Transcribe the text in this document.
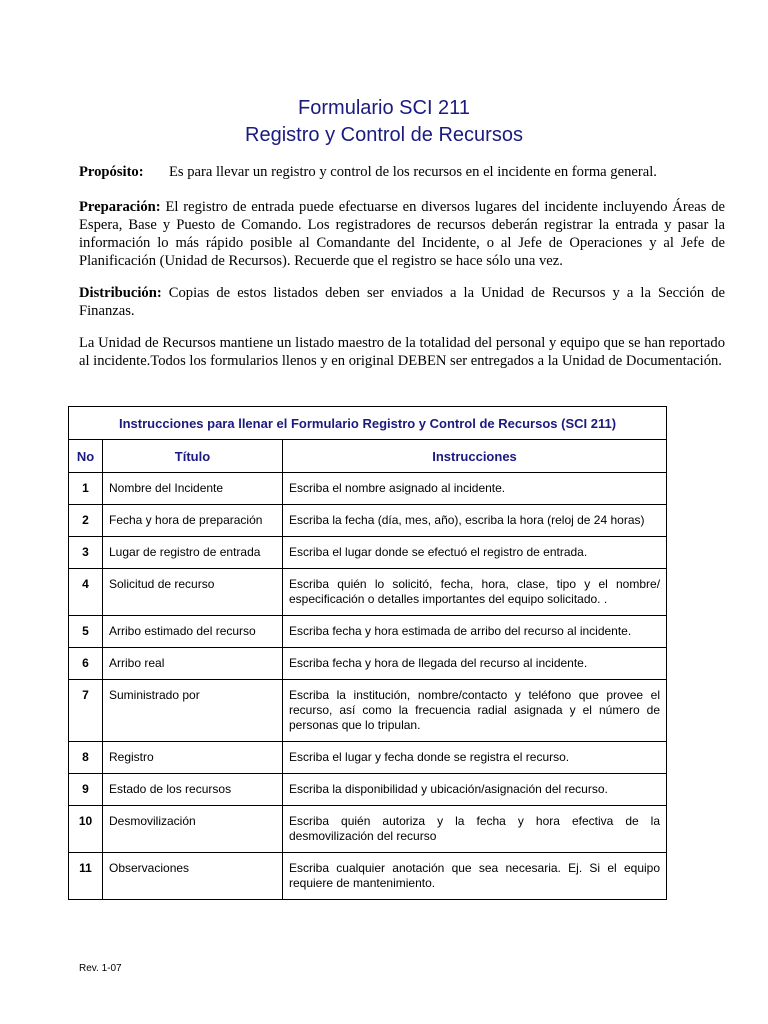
Formulario SCI 211
Registro y Control de Recursos
Propósito: Es para llevar un registro y control de los recursos en el incidente en forma general.
Preparación: El registro de entrada puede efectuarse en diversos lugares del incidente incluyendo Áreas de Espera, Base y Puesto de Comando. Los registradores de recursos deberán registrar la entrada y pasar la información lo más rápido posible al Comandante del Incidente, o al Jefe de Operaciones y al Jefe de Planificación (Unidad de Recursos). Recuerde que el registro se hace sólo una vez.
Distribución: Copias de estos listados deben ser enviados a la Unidad de Recursos y a la Sección de Finanzas.
La Unidad de Recursos mantiene un listado maestro de la totalidad del personal y equipo que se han reportado al incidente.Todos los formularios llenos y en original DEBEN ser entregados a la Unidad de Documentación.
Instrucciones para llenar el Formulario Registro y Control de Recursos (SCI 211)		
No	Título	Instrucciones
1	Nombre del Incidente	Escriba el nombre asignado al incidente.
2	Fecha y hora de preparación	Escriba la fecha (día, mes, año), escriba la hora (reloj de 24 horas)
3	Lugar de registro de entrada	Escriba el lugar donde se efectuó el registro de entrada.
4	Solicitud de recurso	Escriba quién lo solicitó, fecha, hora, clase, tipo y el nombre/ especificación o detalles importantes del equipo solicitado. .
5	Arribo estimado del recurso	Escriba fecha y hora estimada de arribo del recurso al incidente.
6	Arribo real	Escriba fecha y hora de llegada del recurso al incidente.
7	Suministrado por	Escriba la institución, nombre/contacto y teléfono que provee el recurso, así como la frecuencia radial asignada y el número de personas que lo tripulan.
8	Registro	Escriba el lugar y fecha donde se registra el recurso.
9	Estado de los recursos	Escriba la disponibilidad y ubicación/asignación del recurso.
10	Desmovilización	Escriba quién autoriza y la fecha y hora efectiva de la desmovilización del recurso
11	Observaciones	Escriba cualquier anotación que sea necesaria. Ej. Si el equipo requiere de mantenimiento.
Rev. 1-07
